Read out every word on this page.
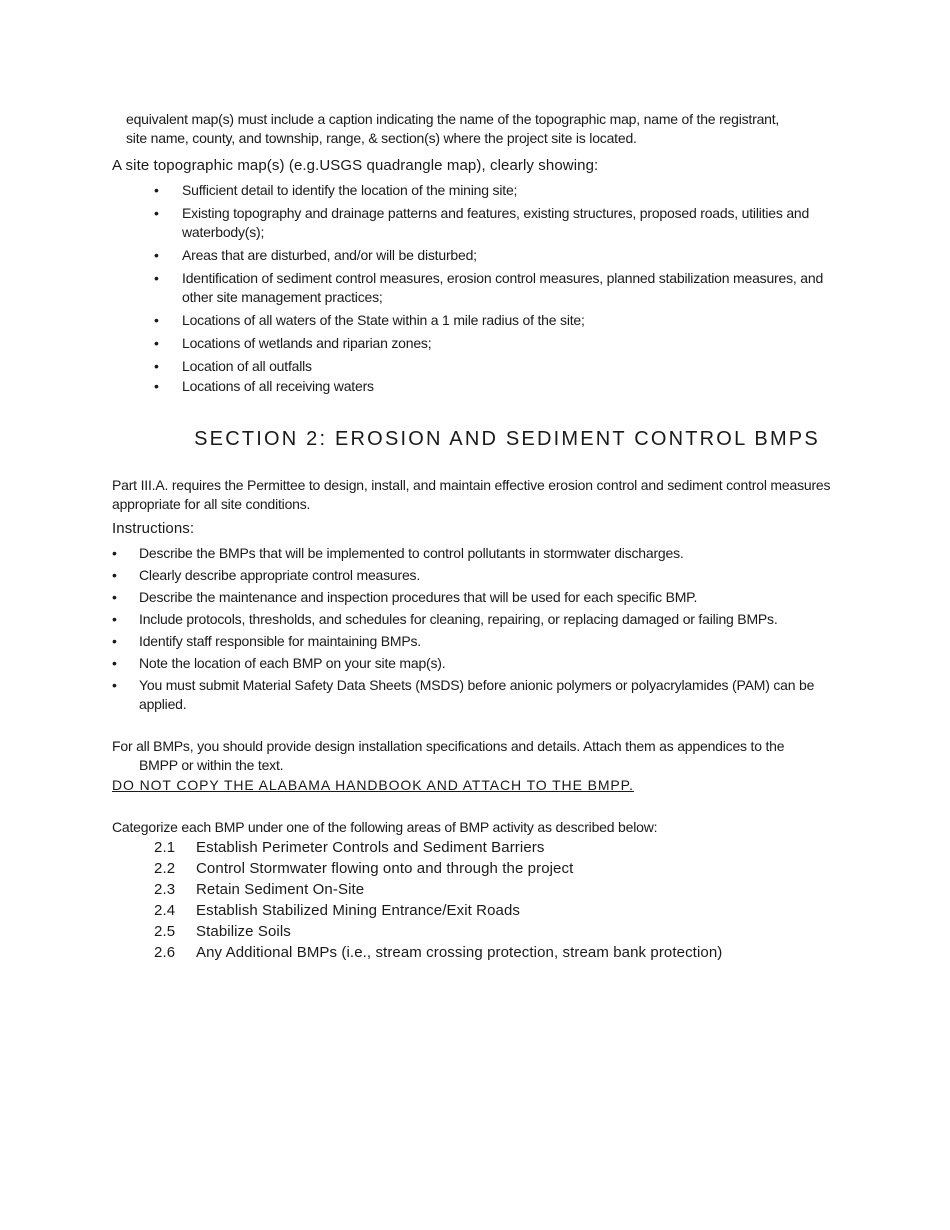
equivalent map(s) must include a caption indicating the name of the topographic map, name of the registrant,
site name, county, and township, range, & section(s) where the project site is located.
A site topographic map(s) (e.g.USGS quadrangle map), clearly showing:
• Sufficient detail to identify the location of the mining site;
• Existing topography and drainage patterns and features, existing structures, proposed roads, utilities and waterbody(s);
• Areas that are disturbed, and/or will be disturbed;
• Identification of sediment control measures, erosion control measures, planned stabilization measures, and other site management practices;
• Locations of all waters of the State within a 1 mile radius of the site;
• Locations of wetlands and riparian zones;
• Location of all outfalls
• Locations of all receiving waters
SECTION 2: EROSION AND SEDIMENT CONTROL BMPS
Part III.A. requires the Permittee to design, install, and maintain effective erosion control and sediment control measures appropriate for all site conditions.
Instructions:
• Describe the BMPs that will be implemented to control pollutants in stormwater discharges.
• Clearly describe appropriate control measures.
• Describe the maintenance and inspection procedures that will be used for each specific BMP.
• Include protocols, thresholds, and schedules for cleaning, repairing, or replacing damaged or failing BMPs.
• Identify staff responsible for maintaining BMPs.
• Note the location of each BMP on your site map(s).
• You must submit Material Safety Data Sheets (MSDS) before anionic polymers or polyacrylamides (PAM) can be applied.
For all BMPs, you should provide design installation specifications and details. Attach them as appendices to the
BMPP or within the text.
DO NOT COPY THE ALABAMA HANDBOOK AND ATTACH TO THE BMPP.
Categorize each BMP under one of the following areas of BMP activity as described below:
2.1 Establish Perimeter Controls and Sediment Barriers
2.2 Control Stormwater flowing onto and through the project
2.3 Retain Sediment On-Site
2.4 Establish Stabilized Mining Entrance/Exit Roads
2.5 Stabilize Soils
2.6 Any Additional BMPs (i.e., stream crossing protection, stream bank protection)
